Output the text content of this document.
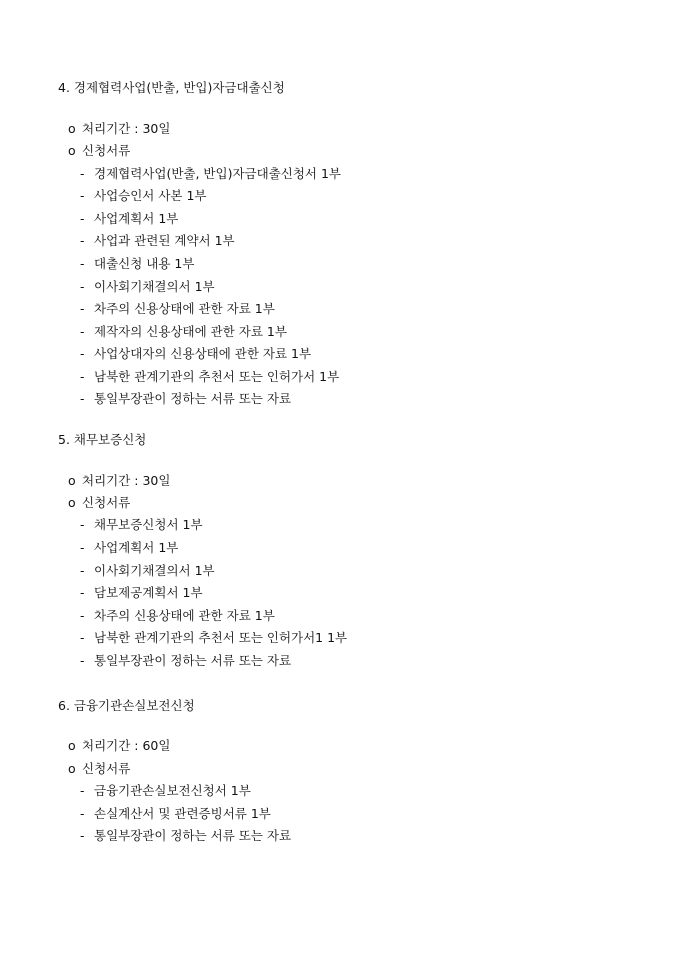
4. 경제협력사업(반출, 반입)자금대출신청
o 처리기간 : 30일
o 신청서류
- 경제협력사업(반출, 반입)자금대출신청서 1부
- 사업승인서 사본 1부
- 사업계획서 1부
- 사업과 관련된 계약서 1부
- 대출신청 내용 1부
- 이사회기채결의서 1부
- 차주의 신용상태에 관한 자료 1부
- 제작자의 신용상태에 관한 자료 1부
- 사업상대자의 신용상태에 관한 자료 1부
- 남북한 관계기관의 추천서 또는 인허가서 1부
- 통일부장관이 정하는 서류 또는 자료
5. 채무보증신청
o 처리기간 : 30일
o 신청서류
- 채무보증신청서 1부
- 사업계획서 1부
- 이사회기채결의서 1부
- 담보제공계획서 1부
- 차주의 신용상태에 관한 자료 1부
- 남북한 관계기관의 추천서 또는 인허가서1 1부
- 통일부장관이 정하는 서류 또는 자료
6. 금융기관손실보전신청
o 처리기간 : 60일
o 신청서류
- 금융기관손실보전신청서 1부
- 손실계산서 및 관련증빙서류 1부
- 통일부장관이 정하는 서류 또는 자료
